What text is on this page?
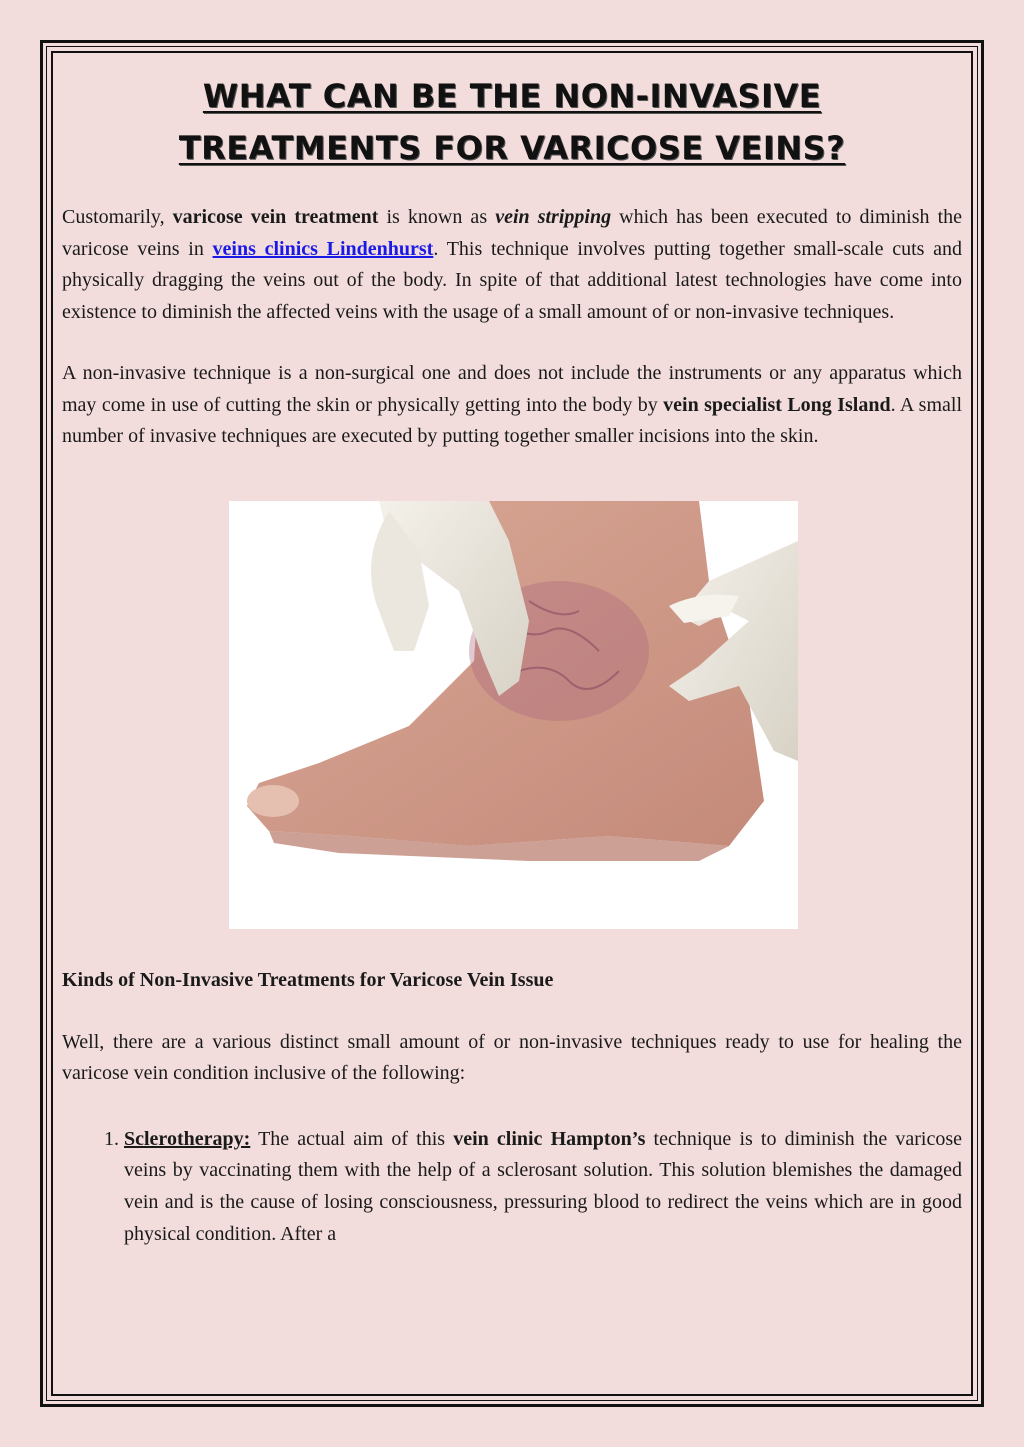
WHAT CAN BE THE NON-INVASIVE
TREATMENTS FOR VARICOSE VEINS?

Customarily, varicose vein treatment is known as vein stripping which has been executed to diminish the varicose veins in veins clinics Lindenhurst. This technique involves putting together small-scale cuts and physically dragging the veins out of the body. In spite of that additional latest technologies have come into existence to diminish the affected veins with the usage of a small amount of or non-invasive techniques.

A non-invasive technique is a non-surgical one and does not include the instruments or any apparatus which may come in use of cutting the skin or physically getting into the body by vein specialist Long Island. A small number of invasive techniques are executed by putting together smaller incisions into the skin.

Kinds of Non-Invasive Treatments for Varicose Vein Issue

Well, there are a various distinct small amount of or non-invasive techniques ready to use for healing the varicose vein condition inclusive of the following:

1. Sclerotherapy: The actual aim of this vein clinic Hampton’s technique is to diminish the varicose veins by vaccinating them with the help of a sclerosant solution. This solution blemishes the damaged vein and is the cause of losing consciousness, pressuring blood to redirect the veins which are in good physical condition. After a
